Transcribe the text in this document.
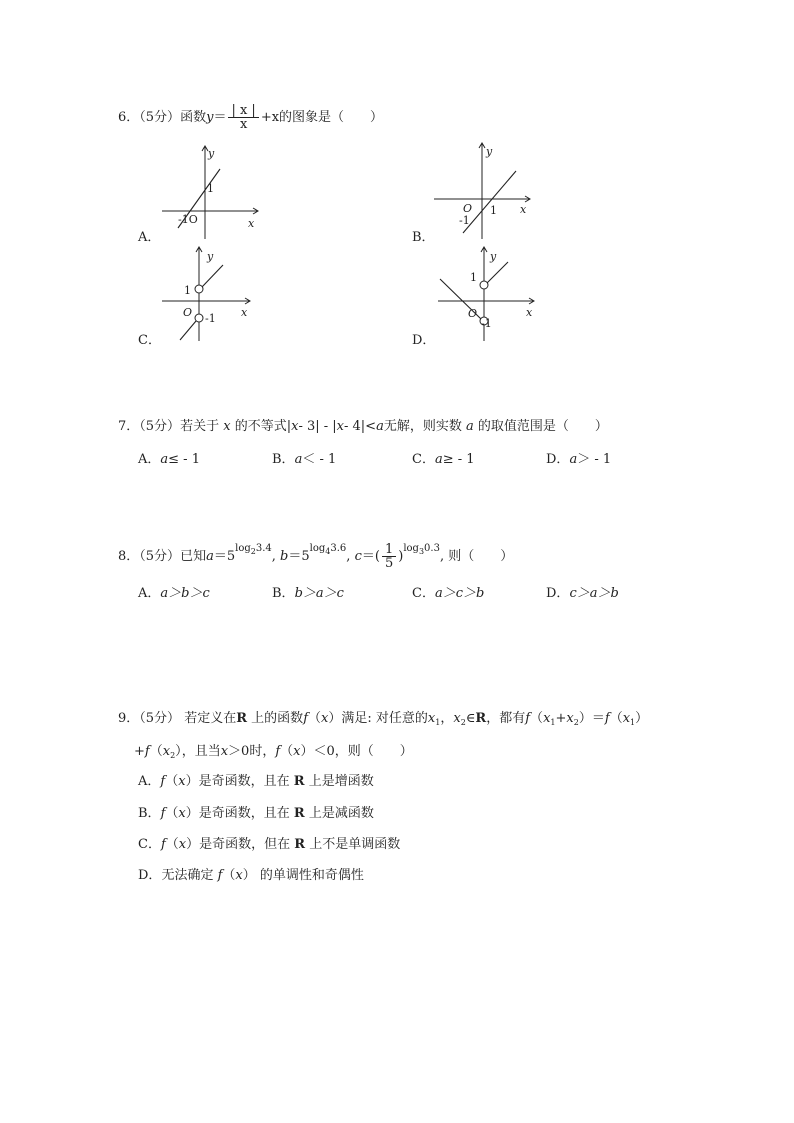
6．（5分）函数$y= \frac{| x |}{x} +x$的图象是（　　）
A．
y
x
1
-1O
B．
y
x
1
O
-1
C．
y
x
1
O -1
D．
y
x
1
O
-1
7．（5分）若关于 x 的不等式|x- 3| - |x- 4|<a无解，则实数 a 的取值范围是（　　）
A．a≤ - 1	B．a＜ - 1	C．a≥ - 1	D．a＞ - 1
8．（5分）已知$a=5^{log_23.4}$, $b=5^{log_43.6}$, $c=( \frac{1}{5} )^{log_30.3}$, 则（　　）
A．a＞b＞c	B．b＞a＞c	C．a＞c＞b	D．c＞a＞b
9．（5分） 若定义在R 上的函数f（x）满足: 对任意的$x_1$，$x_2\in R$，都有$f(x_1+x_2)=f(x_1)$
$+f(x_2)$，且当x＞0时，f（x）＜0，则（　　）
A．f（x）是奇函数，且在 R 上是增函数
B．f（x）是奇函数，且在 R 上是减函数
C．f（x）是奇函数，但在 R 上不是单调函数
D．无法确定 f（x） 的单调性和奇偶性
